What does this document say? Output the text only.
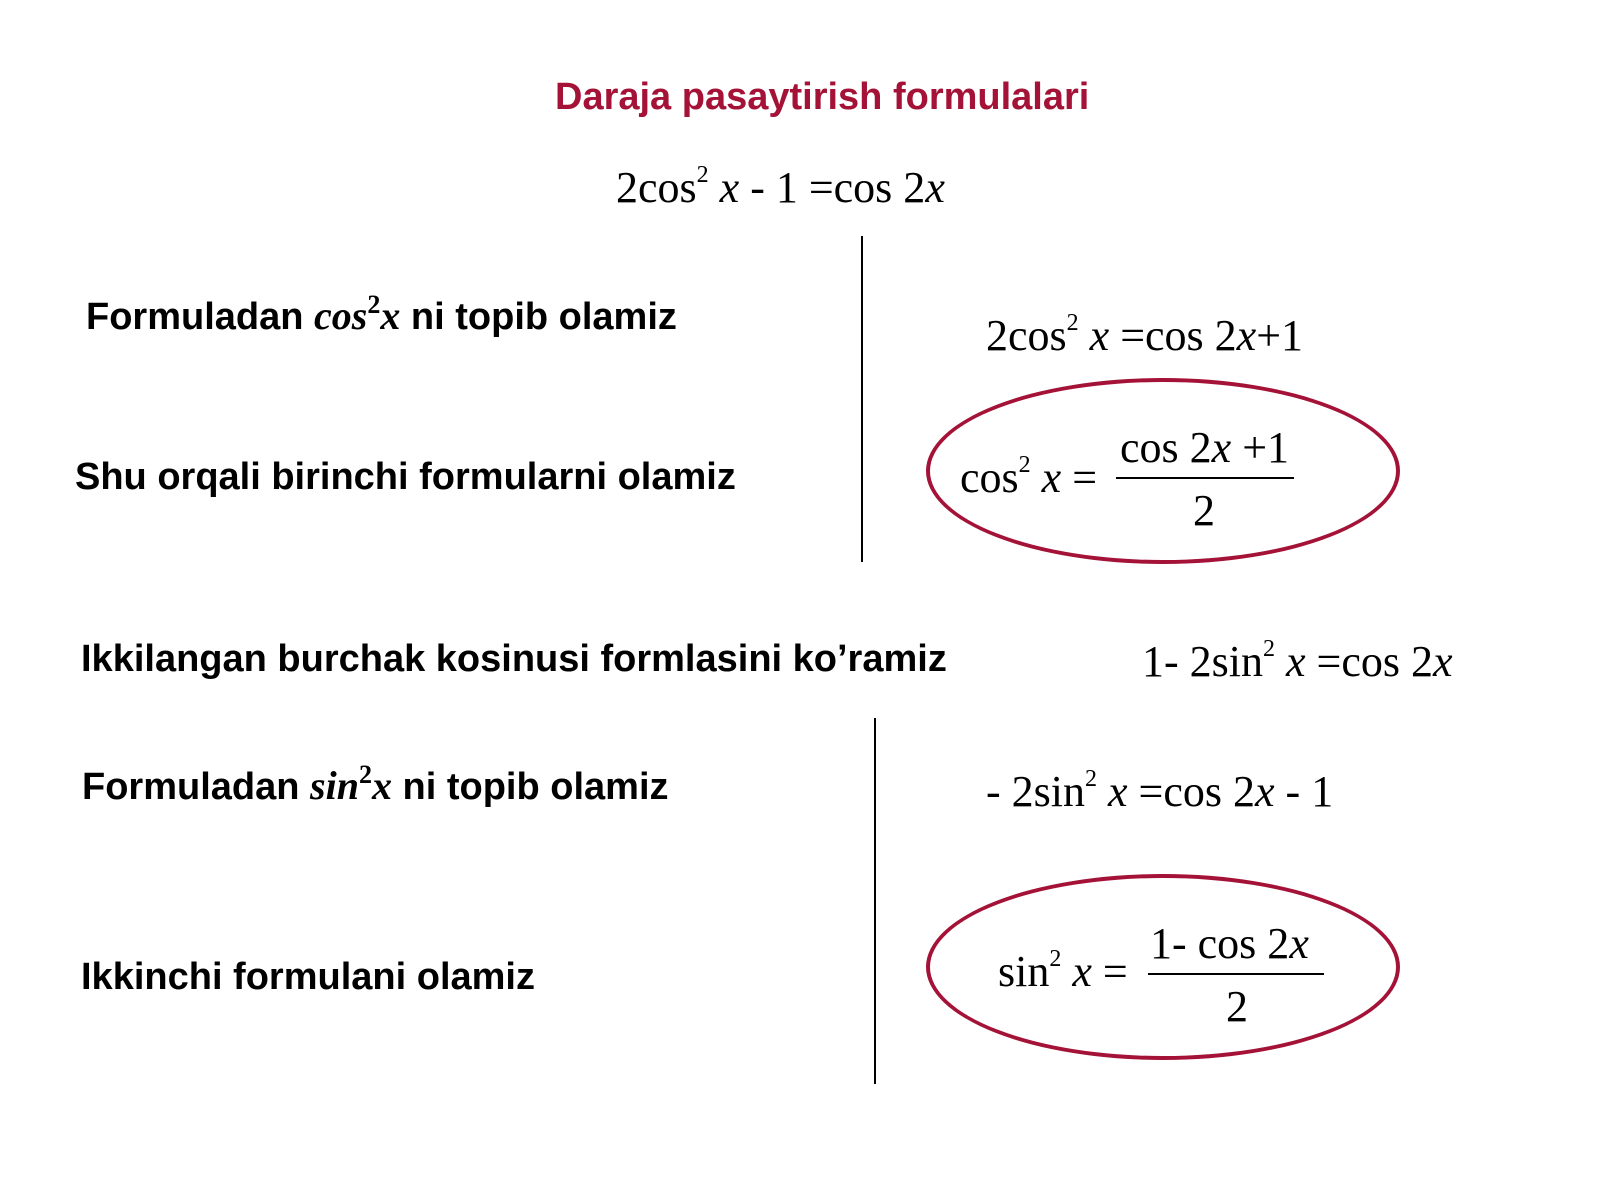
Daraja pasaytirish formulalari
$2\cos^2$ x - 1 =cos 2x
Formuladan $\cos^2x$ ni topib olamiz	$2\cos^2$ x =cos 2x+1
Shu orqali birinchi formularni olamiz	$\cos^2 x$ =
cos 2x +1
2
Ikkilangan burchak kosinusi formlasini ko’ramiz	1- $2\sin^2$ x =cos 2x
Formuladan $\sin^2x$ ni topib olamiz	- $2\sin^2$ x =cos 2x - 1
Ikkinchi formulani olamiz	$\sin^2 x$ =
1- cos 2x
2
